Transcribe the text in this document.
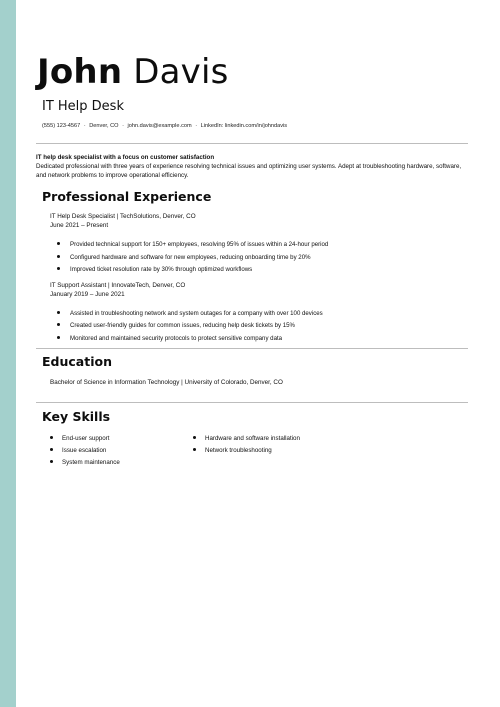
John Davis
IT Help Desk
(555) 123-4567 · Denver, CO · john.davis@example.com · LinkedIn: linkedin.com/in/johndavis
IT help desk specialist with a focus on customer satisfaction
Dedicated professional with three years of experience resolving technical issues and optimizing user systems. Adept at troubleshooting hardware, software, and network problems to improve operational efficiency.
Professional Experience
IT Help Desk Specialist | TechSolutions, Denver, CO
June 2021 – Present
Provided technical support for 150+ employees, resolving 95% of issues within a 24-hour period
Configured hardware and software for new employees, reducing onboarding time by 20%
Improved ticket resolution rate by 30% through optimized workflows
IT Support Assistant | InnovateTech, Denver, CO
January 2019 – June 2021
Assisted in troubleshooting network and system outages for a company with over 100 devices
Created user-friendly guides for common issues, reducing help desk tickets by 15%
Monitored and maintained security protocols to protect sensitive company data
Education
Bachelor of Science in Information Technology | University of Colorado, Denver, CO
Key Skills
End-user support
Issue escalation
System maintenance
Hardware and software installation
Network troubleshooting
